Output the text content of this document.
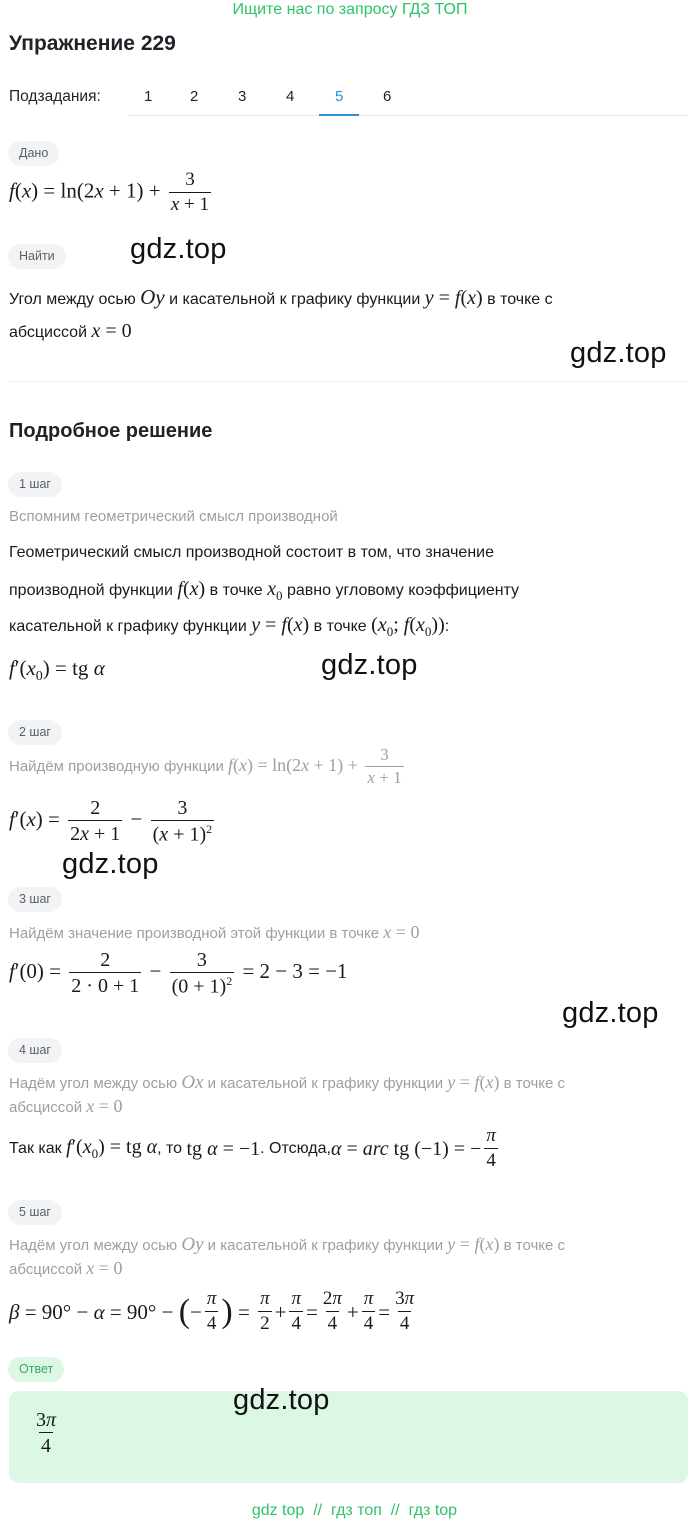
Ищите нас по запросу ГДЗ ТОП
Упражнение 229
Подзадания:	1	2	3	4	5	6
Дано
$f(x) = \ln(2x + 1) + \frac{3}{x + 1}$
Найти
Угол между осью Oy и касательной к графику функции y = f(x) в точке с
абсциссой x = 0
Подробное решение
1 шаг
Вспомним геометрический смысл производной
Геометрический смысл производной состоит в том, что значение
производной функции f(x) в точке $x_0$ равно угловому коэффициенту
касательной к графику функции y = f(x) в точке ($x_0$; $f(x_0)$):
$f'(x_0)$ = tg α
2 шаг
Найдём производную функции $f(x) = \ln(2x + 1) + \frac{3}{x + 1}$
$f'(x) = \frac{2}{2x + 1} - \frac{3}{(x + 1)^2}$
3 шаг
Найдём значение производной этой функции в точке x = 0
$f'(0) = \frac{2}{2 \cdot 0 + 1} - \frac{3}{(0 + 1)^2} = 2 - 3 = -1$
4 шаг
Надём угол между осью Ox и касательной к графику функции y = f(x) в точке с
абсциссой x = 0
Так как
$f'(x_0)$ = tg α , то
tg α = −1 . Отсюда, α = arc tg (−1) = − $\frac{\pi}{4}$
5 шаг
Надём угол между осью Oy и касательной к графику функции y = f(x) в точке с
абсциссой x = 0
β = 90° − α = 90° − ( − $\frac{\pi}{4}$ ) = $\frac{\pi}{2} + \frac{\pi}{4} = \frac{2\pi}{4} + \frac{\pi}{4} = \frac{3\pi}{4}$
Ответ
$\frac{3\pi}{4}$
gdz.top
gdz.top
gdz.top
gdz.top
gdz.top
gdz.top

gdz top  //  гдз топ  //  гдз top
